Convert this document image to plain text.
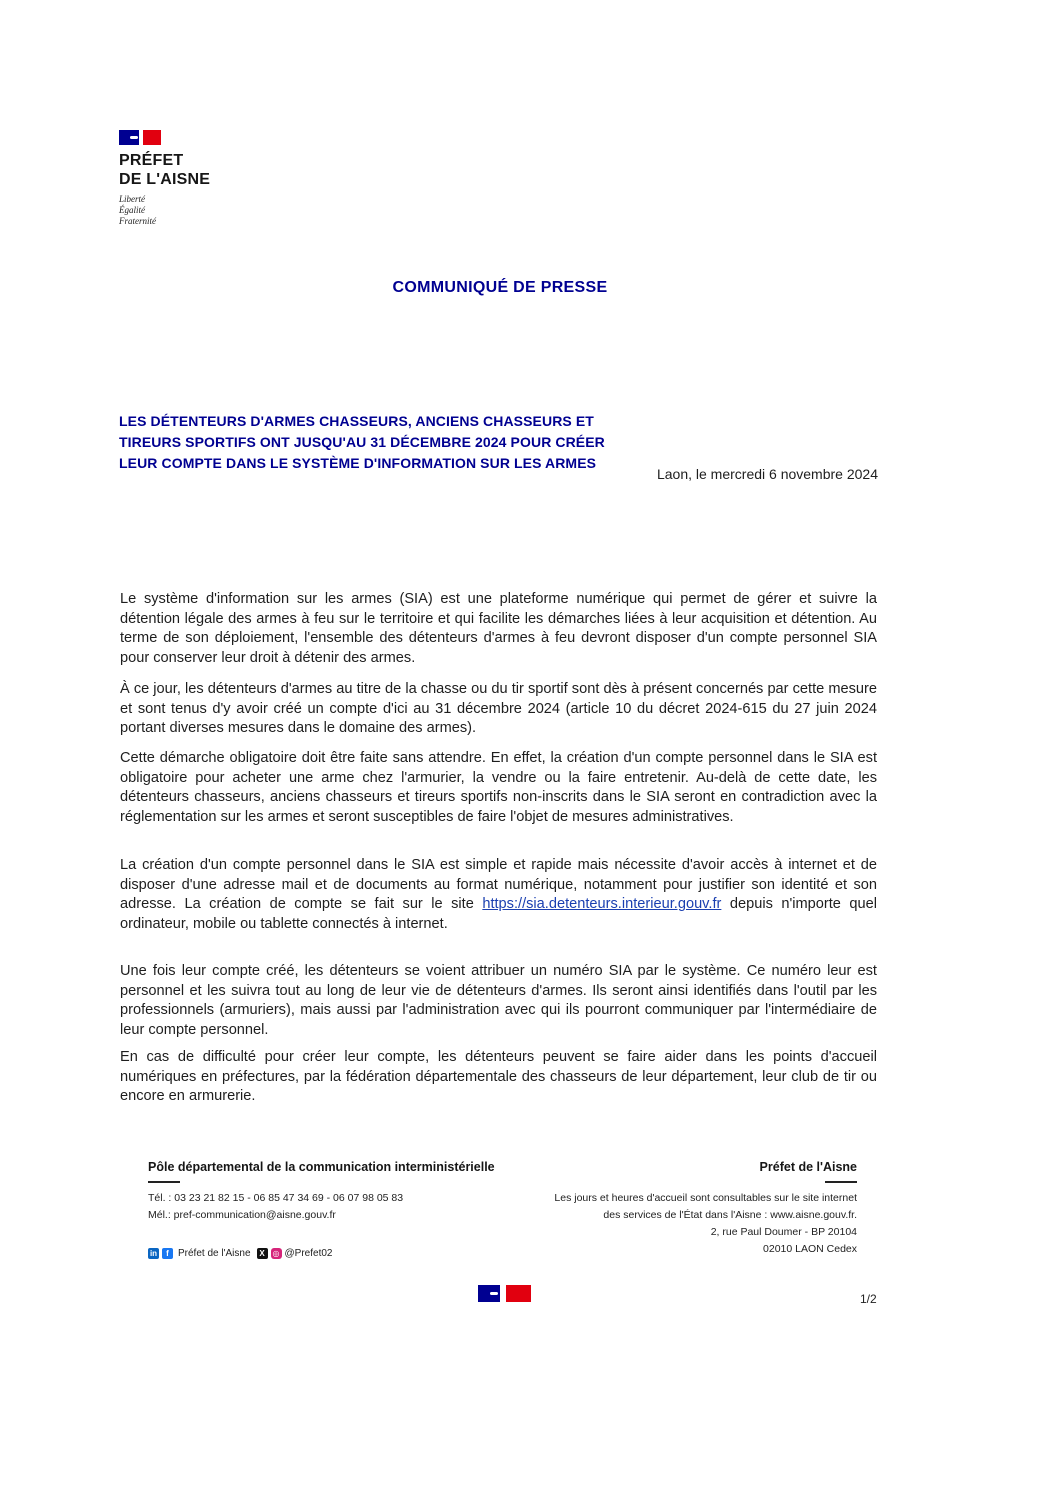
PRÉFET
DE L'AISNE
Liberté
Égalité
Fraternité
COMMUNIQUÉ DE PRESSE
LES DÉTENTEURS D'ARMES CHASSEURS, ANCIENS CHASSEURS ET TIREURS SPORTIFS ONT JUSQU'AU 31 DÉCEMBRE 2024 POUR CRÉER LEUR COMPTE DANS LE SYSTÈME D'INFORMATION SUR LES ARMES
Laon, le mercredi 6 novembre 2024
Le système d'information sur les armes (SIA) est une plateforme numérique qui permet de gérer et suivre la détention légale des armes à feu sur le territoire et qui facilite les démarches liées à leur acquisition et détention. Au terme de son déploiement, l'ensemble des détenteurs d'armes à feu devront disposer d'un compte personnel SIA pour conserver leur droit à détenir des armes.
À ce jour, les détenteurs d'armes au titre de la chasse ou du tir sportif sont dès à présent concernés par cette mesure et sont tenus d'y avoir créé un compte d'ici au 31 décembre 2024 (article 10 du décret 2024-615 du 27 juin 2024 portant diverses mesures dans le domaine des armes).
Cette démarche obligatoire doit être faite sans attendre. En effet, la création d'un compte personnel dans le SIA est obligatoire pour acheter une arme chez l'armurier, la vendre ou la faire entretenir. Au-delà de cette date, les détenteurs chasseurs, anciens chasseurs et tireurs sportifs non-inscrits dans le SIA seront en contradiction avec la réglementation sur les armes et seront susceptibles de faire l'objet de mesures administratives.
La création d'un compte personnel dans le SIA est simple et rapide mais nécessite d'avoir accès à internet et de disposer d'une adresse mail et de documents au format numérique, notamment pour justifier son identité et son adresse. La création de compte se fait sur le site https://sia.detenteurs.interieur.gouv.fr depuis n'importe quel ordinateur, mobile ou tablette connectés à internet.
Une fois leur compte créé, les détenteurs se voient attribuer un numéro SIA par le système. Ce numéro leur est personnel et les suivra tout au long de leur vie de détenteurs d'armes. Ils seront ainsi identifiés dans l'outil par les professionnels (armuriers), mais aussi par l'administration avec qui ils pourront communiquer par l'intermédiaire de leur compte personnel.
En cas de difficulté pour créer leur compte, les détenteurs peuvent se faire aider dans les points d'accueil numériques en préfectures, par la fédération départementale des chasseurs de leur département, leur club de tir ou encore en armurerie.
Pôle départemental de la communication interministérielle
Tél. : 03 23 21 82 15 - 06 85 47 34 69 - 06 07 98 05 83
Mél.: pref-communication@aisne.gouv.fr
in	f Préfet de l'Aisne	X ◎ @Prefet02
Préfet de l'Aisne
Les jours et heures d'accueil sont consultables sur le site internet
des services de l'État dans l'Aisne : www.aisne.gouv.fr.
2, rue Paul Doumer - BP 20104
02010 LAON Cedex
1/2
